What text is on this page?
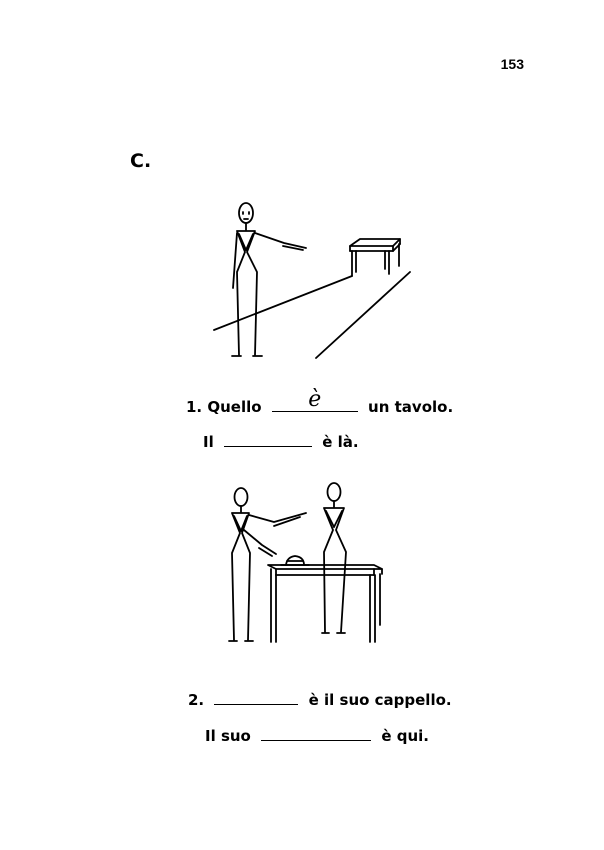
153
C.
1. Quello	è	un tavolo.
Il	è là.
2.	è il suo cappello.
Il suo	è qui.
